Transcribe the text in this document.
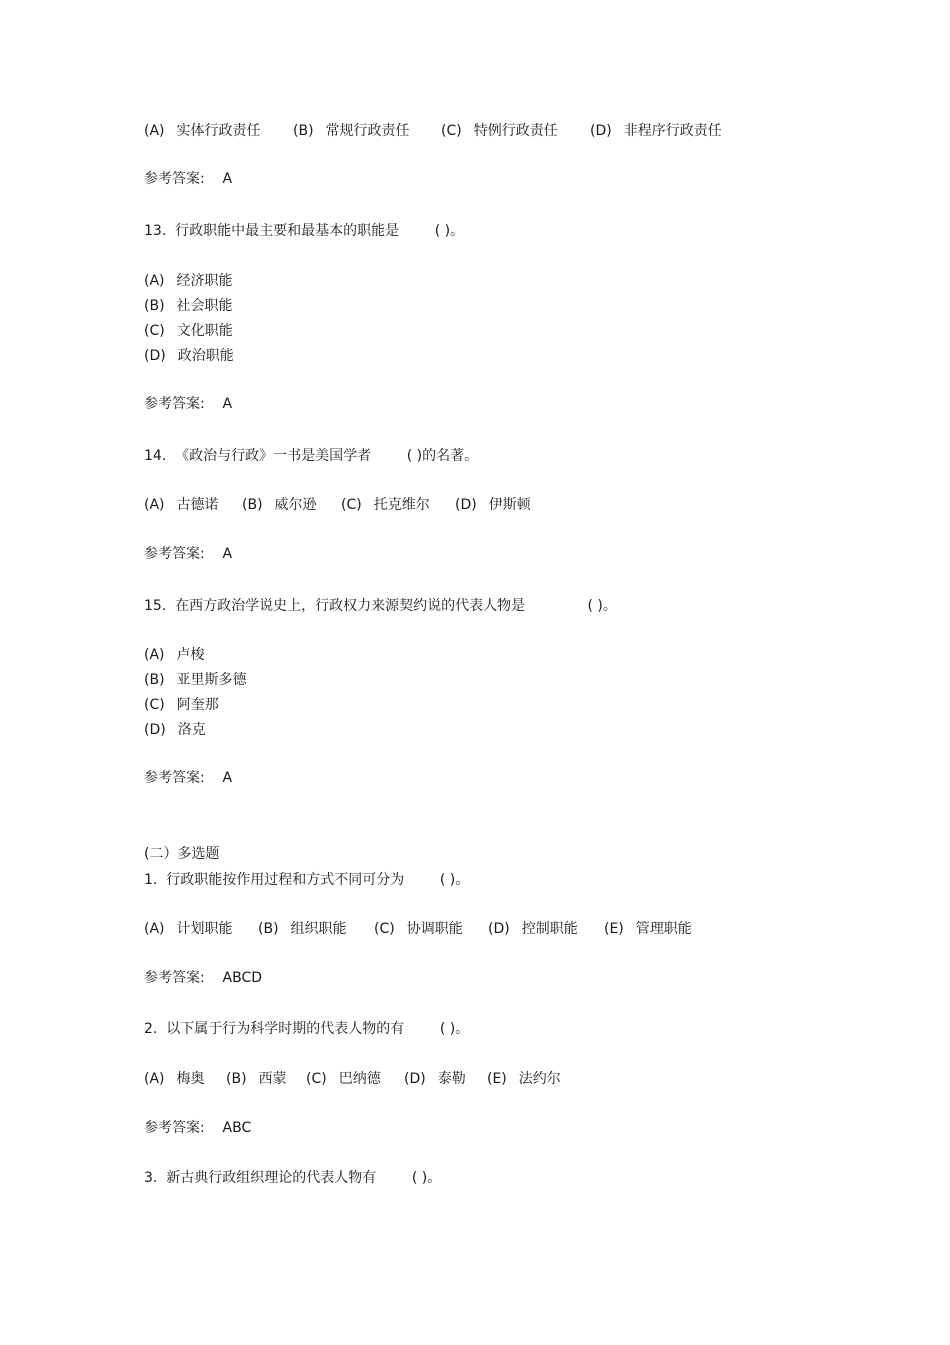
(A) 实体行政责任 (B) 常规行政责任 (C) 特例行政责任 (D) 非程序行政责任
参考答案:    A
13.  行政职能中最主要和最基本的职能是        ( )。
(A) 经济职能
(B) 社会职能
(C) 文化职能
(D) 政治职能
参考答案:    A
14.  《政治与行政》一书是美国学者        ( )的名著。
(A) 古德诺 (B) 威尔逊 (C) 托克维尔 (D) 伊斯顿
参考答案:    A
15.  在西方政治学说史上，行政权力来源契约说的代表人物是              ( )。
(A) 卢梭
(B) 亚里斯多德
(C) 阿奎那
(D) 洛克
参考答案:    A
(二）多选题
1.  行政职能按作用过程和方式不同可分为        ( )。
(A) 计划职能 (B) 组织职能 (C) 协调职能 (D) 控制职能 (E) 管理职能
参考答案:    ABCD
2.  以下属于行为科学时期的代表人物的有        ( )。
(A) 梅奥 (B) 西蒙 (C) 巴纳德 (D) 泰勒 (E) 法约尔
参考答案:    ABC
3.  新古典行政组织理论的代表人物有        ( )。
